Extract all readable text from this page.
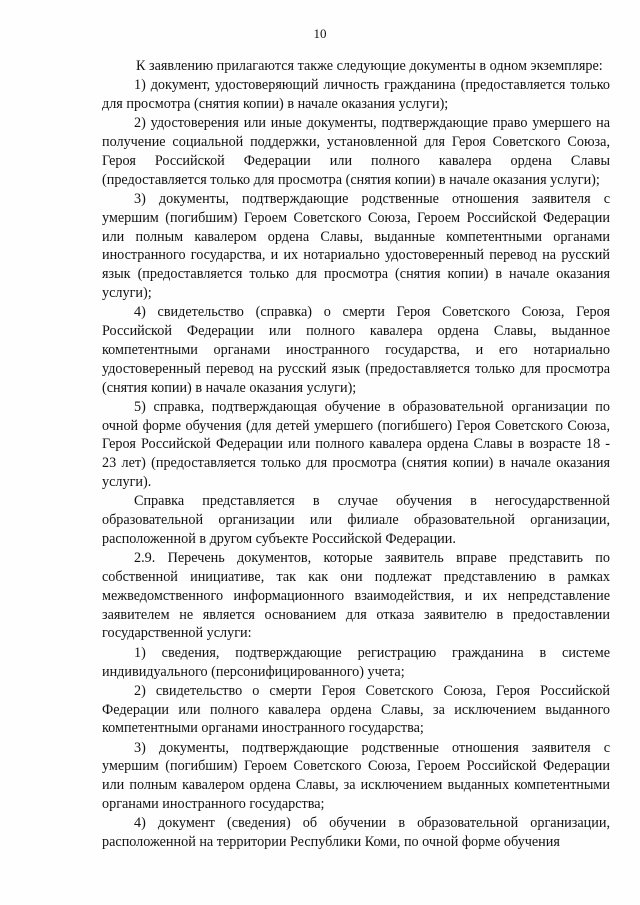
10

К заявлению прилагаются также следующие документы в одном экземпляре:

1) документ, удостоверяющий личность гражданина (предоставляется только для просмотра (снятия копии) в начале оказания услуги);

2) удостоверения или иные документы, подтверждающие право умершего на получение социальной поддержки, установленной для Героя Советского Союза, Героя Российской Федерации или полного кавалера ордена Славы (предоставляется только для просмотра (снятия копии) в начале оказания услуги);

3) документы, подтверждающие родственные отношения заявителя с умершим (погибшим) Героем Советского Союза, Героем Российской Федерации или полным кавалером ордена Славы, выданные компетентными органами иностранного государства, и их нотариально удостоверенный перевод на русский язык (предоставляется только для просмотра (снятия копии) в начале оказания услуги);

4) свидетельство (справка) о смерти Героя Советского Союза, Героя Российской Федерации или полного кавалера ордена Славы, выданное компетентными органами иностранного государства, и его нотариально удостоверенный перевод на русский язык (предоставляется только для просмотра (снятия копии) в начале оказания услуги);

5) справка, подтверждающая обучение в образовательной организации по очной форме обучения (для детей умершего (погибшего) Героя Советского Союза, Героя Российской Федерации или полного кавалера ордена Славы в возрасте 18 - 23 лет) (предоставляется только для просмотра (снятия копии) в начале оказания услуги).

Справка представляется в случае обучения в негосударственной образовательной организации или филиале образовательной организации, расположенной в другом субъекте Российской Федерации.

2.9. Перечень документов, которые заявитель вправе представить по собственной инициативе, так как они подлежат представлению в рамках межведомственного информационного взаимодействия, и их непредставление заявителем не является основанием для отказа заявителю в предоставлении государственной услуги:

1) сведения, подтверждающие регистрацию гражданина в системе индивидуального (персонифицированного) учета;

2) свидетельство о смерти Героя Советского Союза, Героя Российской Федерации или полного кавалера ордена Славы, за исключением выданного компетентными органами иностранного государства;

3) документы, подтверждающие родственные отношения заявителя с умершим (погибшим) Героем Советского Союза, Героем Российской Федерации или полным кавалером ордена Славы, за исключением выданных компетентными органами иностранного государства;

4) документ (сведения) об обучении в образовательной организации, расположенной на территории Республики Коми, по очной форме обучения
